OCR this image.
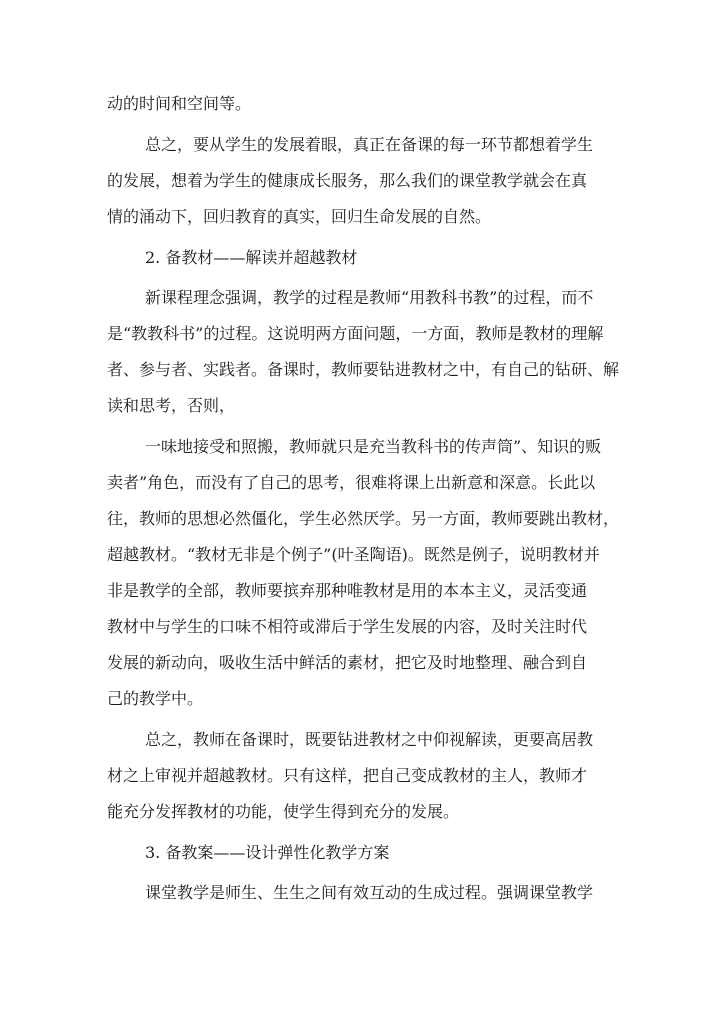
动的时间和空间等。
总之，要从学生的发展着眼，真正在备课的每一环节都想着学生
的发展，想着为学生的健康成长服务，那么我们的课堂教学就会在真
情的涌动下，回归教育的真实，回归生命发展的自然。
2. 备教材——解读并超越教材
新课程理念强调，教学的过程是教师“用教科书教”的过程，而不
是“教教科书”的过程。这说明两方面问题，一方面，教师是教材的理解
者、参与者、实践者。备课时，教师要钻进教材之中，有自己的钻研、解
读和思考，否则，
一味地接受和照搬，教师就只是充当教科书的传声筒”、知识的贩
卖者”角色，而没有了自己的思考，很难将课上出新意和深意。长此以
往，教师的思想必然僵化，学生必然厌学。另一方面，教师要跳出教材，
超越教材。“教材无非是个例子”(叶圣陶语)。既然是例子，说明教材并
非是教学的全部，教师要摈弃那种唯教材是用的本本主义，灵活变通
教材中与学生的口味不相符或滞后于学生发展的内容，及时关注时代
发展的新动向，吸收生活中鲜活的素材，把它及时地整理、融合到自
己的教学中。
总之，教师在备课时，既要钻进教材之中仰视解读，更要高居教
材之上审视并超越教材。只有这样，把自己变成教材的主人，教师才
能充分发挥教材的功能，使学生得到充分的发展。
3. 备教案——设计弹性化教学方案
课堂教学是师生、生生之间有效互动的生成过程。强调课堂教学
